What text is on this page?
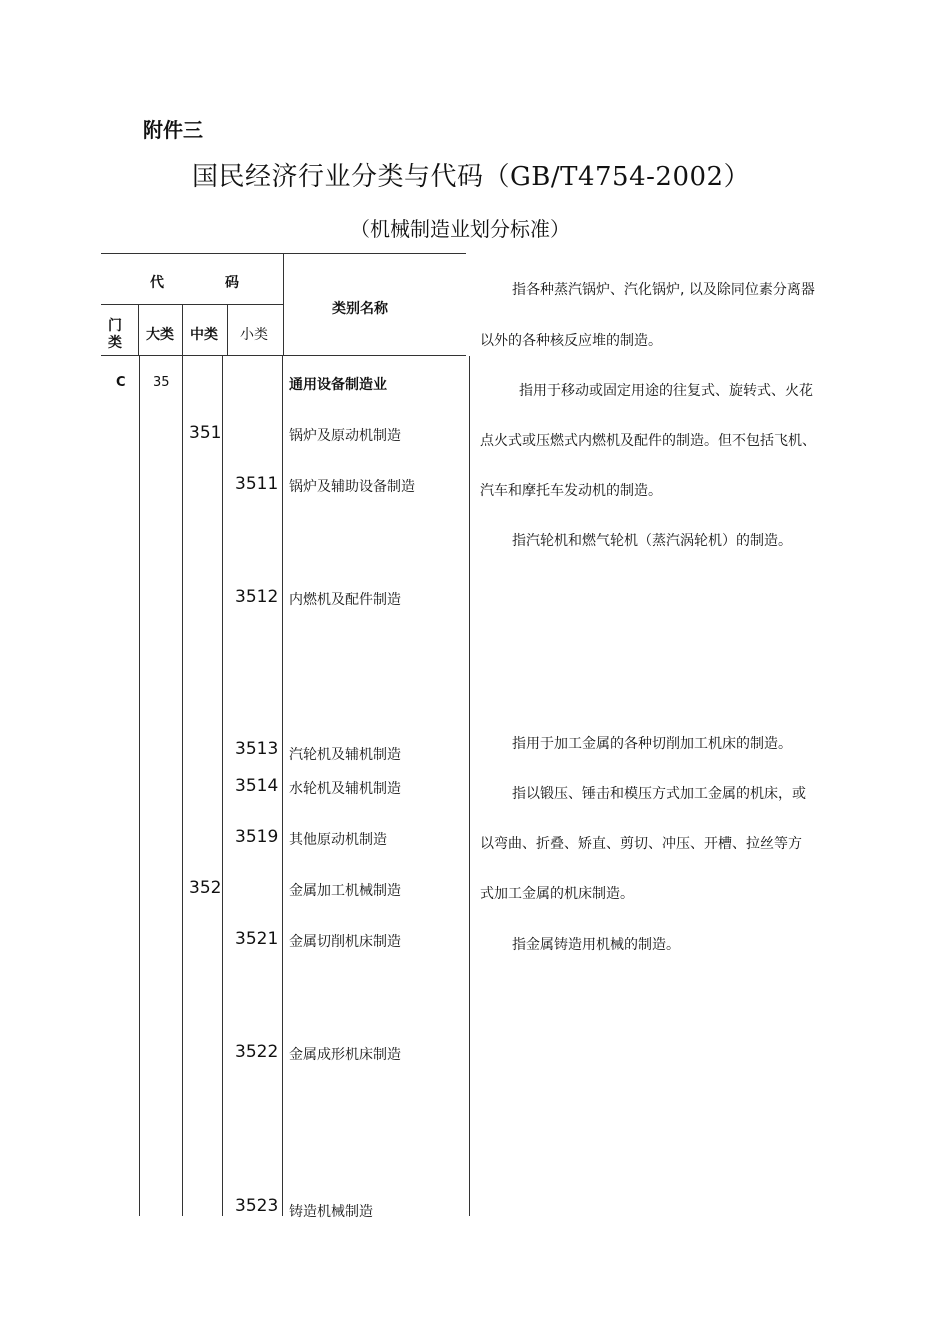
附件三
国民经济行业分类与代码（GB/T4754-2002）
（机械制造业划分标准）
代	码
类别名称
门
类 大类 中类 小类
C 35	通用设备制造业
351	锅炉及原动机制造
3511 锅炉及辅助设备制造
3512 内燃机及配件制造
3513 汽轮机及辅机制造
3514 水轮机及辅机制造
3519 其他原动机制造
352	金属加工机械制造
3521 金属切削机床制造
3522 金属成形机床制造
3523 铸造机械制造
指各种蒸汽锅炉、汽化锅炉, 以及除同位素分离器
以外的各种核反应堆的制造。
指用于移动或固定用途的往复式、旋转式、火花
点火式或压燃式内燃机及配件的制造。但不包括飞机、
汽车和摩托车发动机的制造。
指汽轮机和燃气轮机（蒸汽涡轮机）的制造。
指用于加工金属的各种切削加工机床的制造。
指以锻压、锤击和模压方式加工金属的机床，或
以弯曲、折叠、矫直、剪切、冲压、开槽、拉丝等方
式加工金属的机床制造。
指金属铸造用机械的制造。
